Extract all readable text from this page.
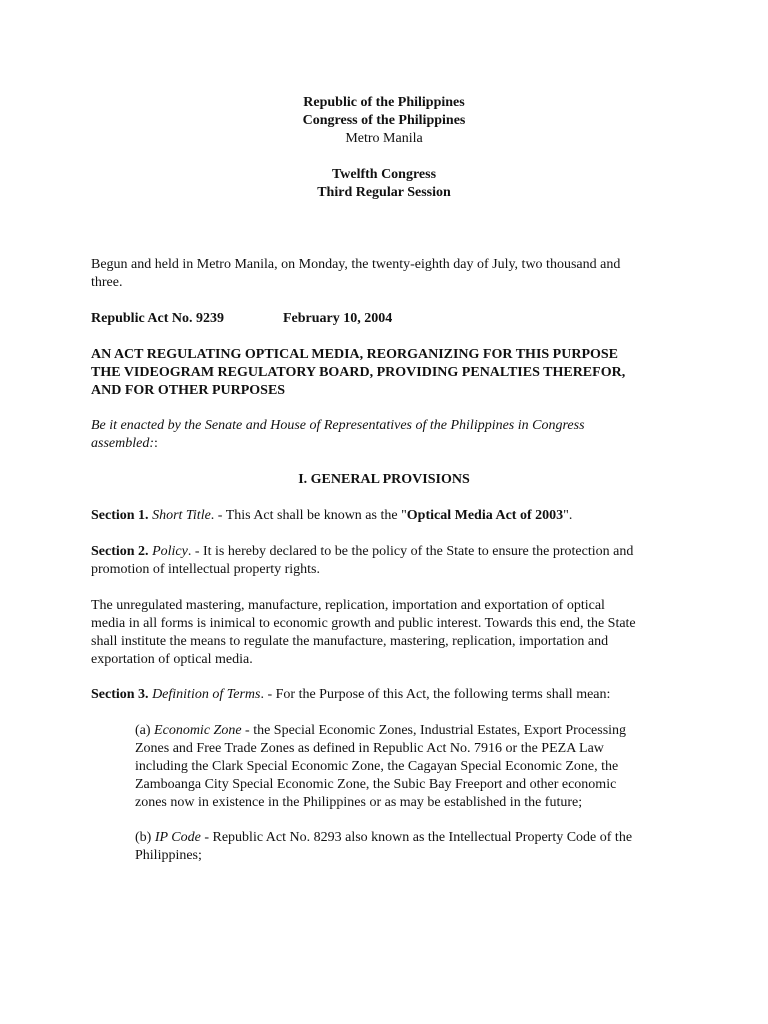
Republic of the Philippines
Congress of the Philippines
Metro Manila
Twelfth Congress
Third Regular Session
Begun and held in Metro Manila, on Monday, the twenty-eighth day of July, two thousand and
three.
Republic Act No. 9239	February 10, 2004
AN ACT REGULATING OPTICAL MEDIA, REORGANIZING FOR THIS PURPOSE
THE VIDEOGRAM REGULATORY BOARD, PROVIDING PENALTIES THEREFOR,
AND FOR OTHER PURPOSES
Be it enacted by the Senate and House of Representatives of the Philippines in Congress
assembled::
I. GENERAL PROVISIONS
Section 1. Short Title. - This Act shall be known as the "Optical Media Act of 2003".
Section 2. Policy. - It is hereby declared to be the policy of the State to ensure the protection and
promotion of intellectual property rights.
The unregulated mastering, manufacture, replication, importation and exportation of optical
media in all forms is inimical to economic growth and public interest. Towards this end, the State
shall institute the means to regulate the manufacture, mastering, replication, importation and
exportation of optical media.
Section 3. Definition of Terms. - For the Purpose of this Act, the following terms shall mean:
(a) Economic Zone - the Special Economic Zones, Industrial Estates, Export Processing
Zones and Free Trade Zones as defined in Republic Act No. 7916 or the PEZA Law
including the Clark Special Economic Zone, the Cagayan Special Economic Zone, the
Zamboanga City Special Economic Zone, the Subic Bay Freeport and other economic
zones now in existence in the Philippines or as may be established in the future;
(b) IP Code - Republic Act No. 8293 also known as the Intellectual Property Code of the
Philippines;
